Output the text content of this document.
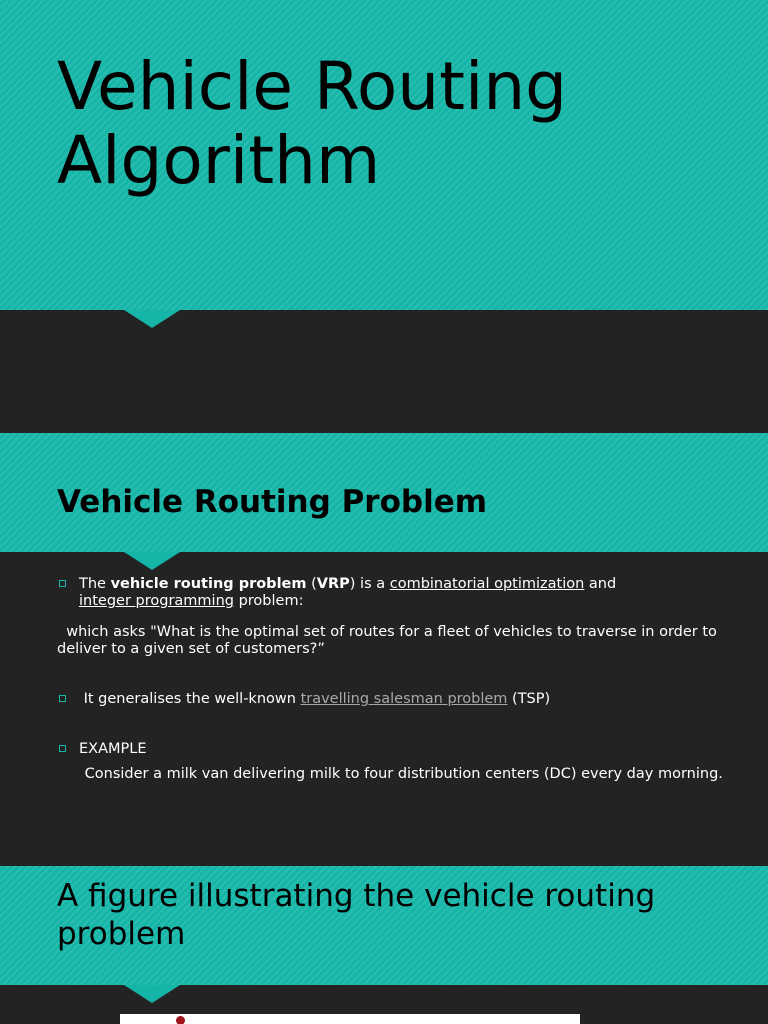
Vehicle Routing Algorithm
Vehicle Routing Problem
The vehicle routing problem (VRP) is a combinatorial optimization and
integer programming problem:
which asks "What is the optimal set of routes for a fleet of vehicles to traverse in order to         deliver to a given set of customers?”
It generalises the well-known travelling salesman problem (TSP)
EXAMPLE
Consider a milk van delivering milk to four distribution centers (DC) every day morning.
A figure illustrating the vehicle routing problem
